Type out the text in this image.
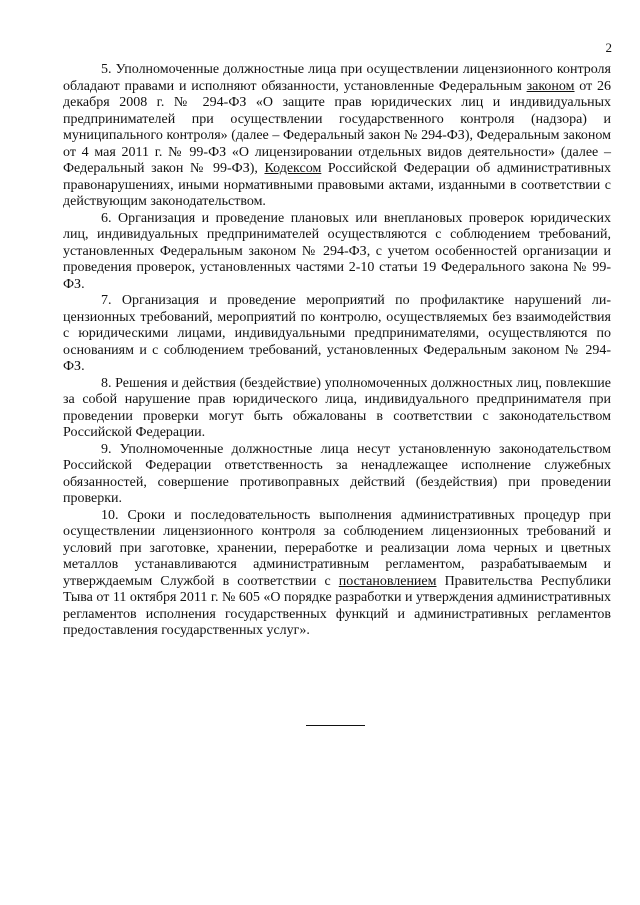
2

5. Уполномоченные должностные лица при осуществлении лицензионного контроля обладают правами и исполняют обязанности, установленные Федеральным законом от 26 декабря 2008 г. № 294-ФЗ «О защите прав юридических лиц и индивидуальных предпринимателей при осуществлении государственного контроля (надзора) и муниципального контроля» (далее – Федеральный закон № 294-ФЗ), Федеральным законом от 4 мая 2011 г. № 99-ФЗ «О лицензировании отдельных видов деятельности» (далее – Федеральный закон № 99-ФЗ), Кодексом Российской Федерации об административных правонарушениях, иными нормативными правовыми актами, изданными в соответствии с действующим законодательством.

6. Организация и проведение плановых или внеплановых проверок юридических лиц, индивидуальных предпринимателей осуществляются с соблюдением требований, установленных Федеральным законом № 294-ФЗ, с учетом особенностей организации и проведения проверок, установленных частями 2-10 статьи 19 Федерального закона № 99-ФЗ.

7. Организация и проведение мероприятий по профилактике нарушений лицензионных требований, мероприятий по контролю, осуществляемых без взаимодействия с юридическими лицами, индивидуальными предпринимателями, осуществляются по основаниям и с соблюдением требований, установленных Федеральным законом № 294-ФЗ.

8. Решения и действия (бездействие) уполномоченных должностных лиц, повлекшие за собой нарушение прав юридического лица, индивидуального предпринимателя при проведении проверки могут быть обжалованы в соответствии с законодательством Российской Федерации.

9. Уполномоченные должностные лица несут установленную законодательством Российской Федерации ответственность за ненадлежащее исполнение служебных обязанностей, совершение противоправных действий (бездействия) при проведении проверки.

10. Сроки и последовательность выполнения административных процедур при осуществлении лицензионного контроля за соблюдением лицензионных требований и условий при заготовке, хранении, переработке и реализации лома черных и цветных металлов устанавливаются административным регламентом, разрабатываемым и утверждаемым Службой в соответствии с постановлением Правительства Республики Тыва от 11 октября 2011 г. № 605 «О порядке разработки и утверждения административных регламентов исполнения государственных функций и административных регламентов предоставления государственных услуг».
